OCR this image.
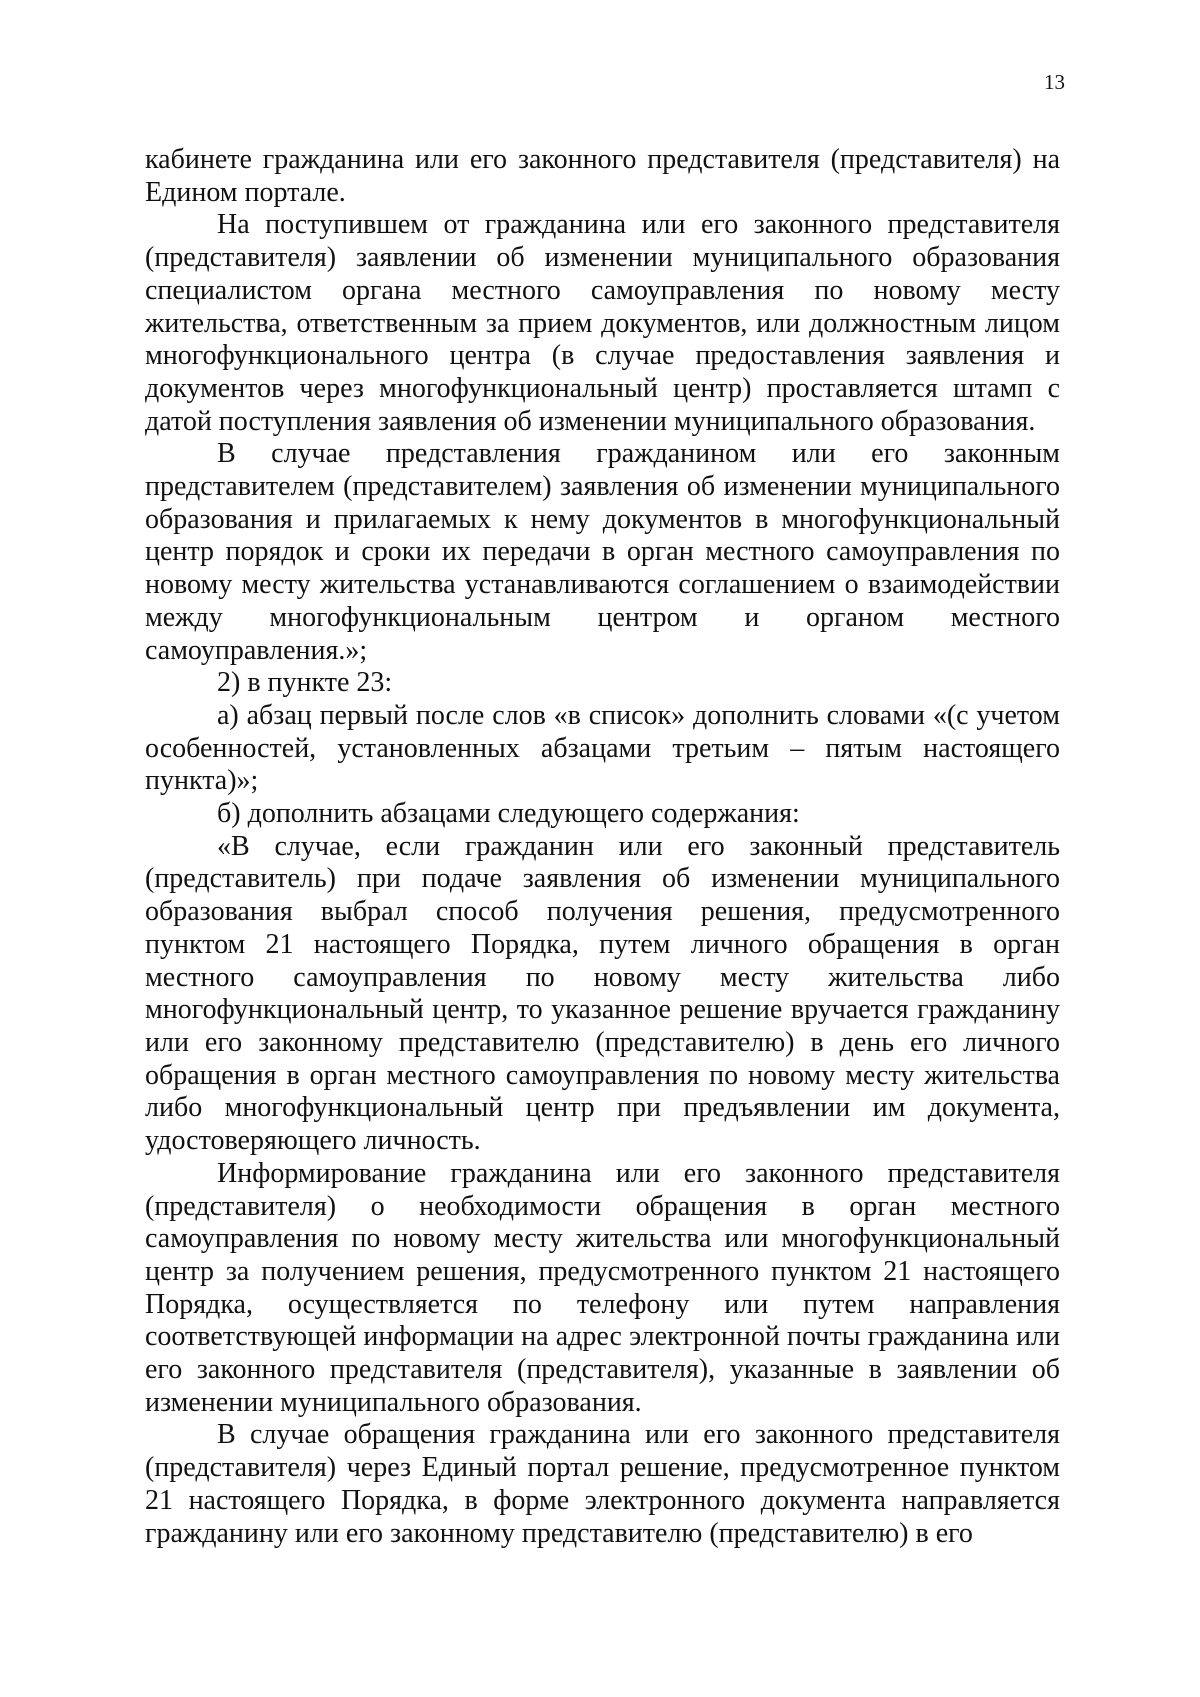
13

кабинете гражданина или его законного представителя (представителя) на Едином портале.

На поступившем от гражданина или его законного представителя (представителя) заявлении об изменении муниципального образования специалистом органа местного самоуправления по новому месту жительства, ответственным за прием документов, или должностным лицом многофункционального центра (в случае предоставления заявления и документов через многофункциональный центр) проставляется штамп с датой поступления заявления об изменении муниципального образования.

В случае представления гражданином или его законным представителем (представителем) заявления об изменении муниципального образования и прилагаемых к нему документов в многофункциональный центр порядок и сроки их передачи в орган местного самоуправления по новому месту жительства устанавливаются соглашением о взаимодействии между многофункциональным центром и органом местного самоуправления.»;

2) в пункте 23:

а) абзац первый после слов «в список» дополнить словами «(с учетом особенностей, установленных абзацами третьим – пятым настоящего пункта)»;

б) дополнить абзацами следующего содержания:

«В случае, если гражданин или его законный представитель (представитель) при подаче заявления об изменении муниципального образования выбрал способ получения решения, предусмотренного пунктом 21 настоящего Порядка, путем личного обращения в орган местного самоуправления по новому месту жительства либо многофункциональный центр, то указанное решение вручается гражданину или его законному представителю (представителю) в день его личного обращения в орган местного самоуправления по новому месту жительства либо многофункциональный центр при предъявлении им документа, удостоверяющего личность.

Информирование гражданина или его законного представителя (представителя) о необходимости обращения в орган местного самоуправления по новому месту жительства или многофункциональный центр за получением решения, предусмотренного пунктом 21 настоящего Порядка, осуществляется по телефону или путем направления соответствующей информации на адрес электронной почты гражданина или его законного представителя (представителя), указанные в заявлении об изменении муниципального образования.

В случае обращения гражданина или его законного представителя (представителя) через Единый портал решение, предусмотренное пунктом 21 настоящего Порядка, в форме электронного документа направляется гражданину или его законному представителю (представителю) в его
